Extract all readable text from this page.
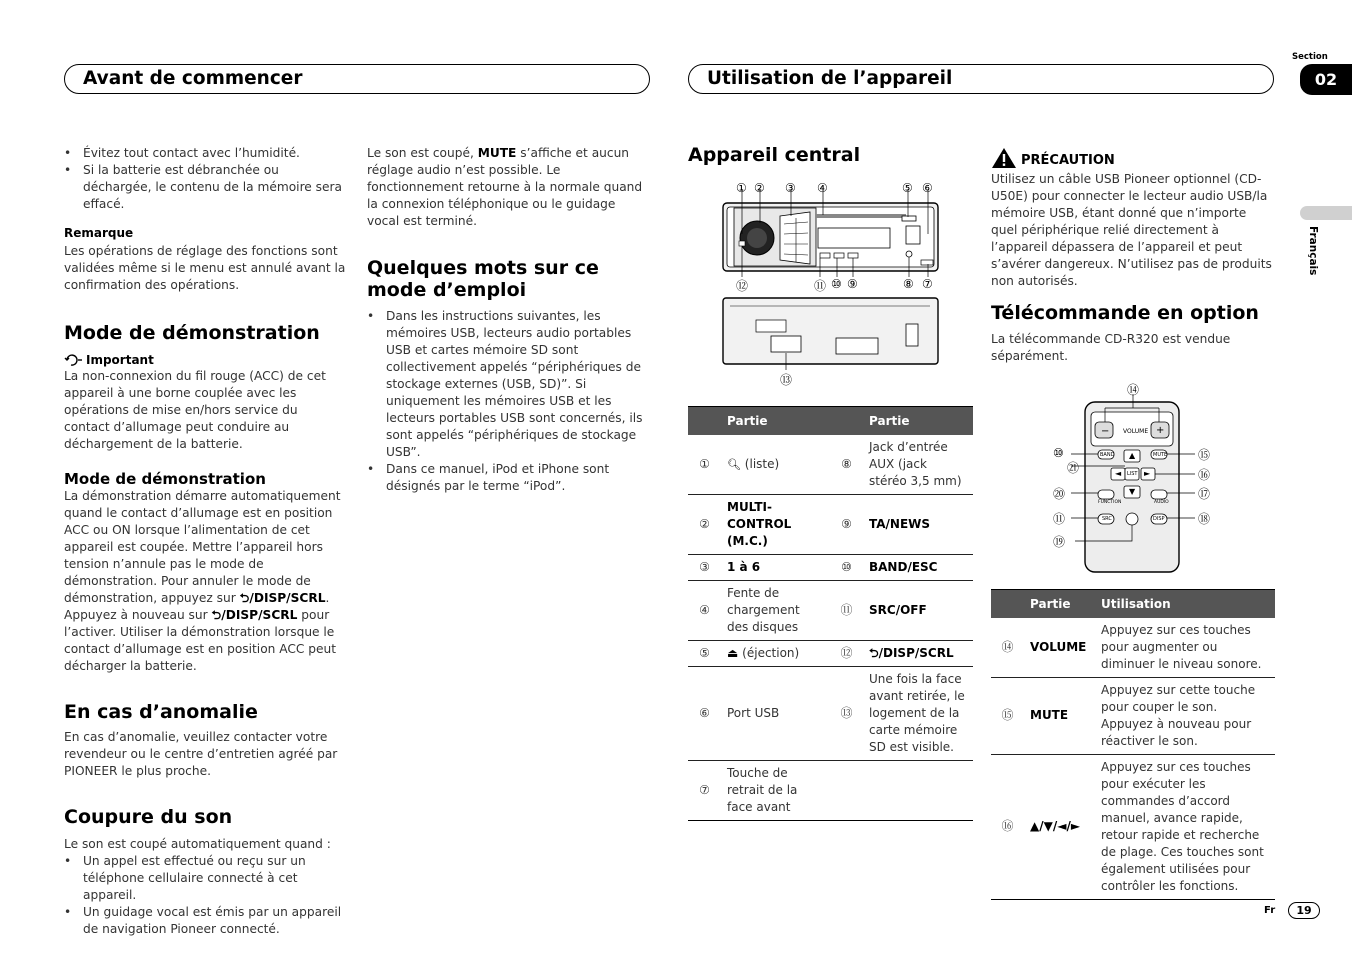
Avant de commencer	Utilisation de l’appareil
Section
02
Français
• Évitez tout contact avec l’humidité.
• Si la batterie est débranchée ou déchargée, le contenu de la mémoire sera effacé.
Remarque
Les opérations de réglage des fonctions sont validées même si le menu est annulé avant la confirmation des opérations.
Mode de démonstration
Important
La non-connexion du fil rouge (ACC) de cet appareil à une borne couplée avec les opérations de mise en/hors service du contact d’allumage peut conduire au déchargement de la batterie.
Mode de démonstration
La démonstration démarre automatiquement quand le contact d’allumage est en position ACC ou ON lorsque l’alimentation de cet appareil est coupée. Mettre l’appareil hors tension n’annule pas le mode de démonstration. Pour annuler le mode de démonstration, appuyez sur ⮌/DISP/SCRL. Appuyez à nouveau sur ⮌/DISP/SCRL pour l’activer. Utiliser la démonstration lorsque le contact d’allumage est en position ACC peut décharger la batterie.
En cas d’anomalie
En cas d’anomalie, veuillez contacter votre revendeur ou le centre d’entretien agréé par PIONEER le plus proche.
Coupure du son
Le son est coupé automatiquement quand :
• Un appel est effectué ou reçu sur un téléphone cellulaire connecté à cet appareil.
• Un guidage vocal est émis par un appareil de navigation Pioneer connecté.
Le son est coupé, MUTE s’affiche et aucun réglage audio n’est possible. Le fonctionnement retourne à la normale quand la connexion téléphonique ou le guidage vocal est terminé.
Quelques mots sur ce mode d’emploi
• Dans les instructions suivantes, les mémoires USB, lecteurs audio portables USB et cartes mémoire SD sont collectivement appelés “périphériques de stockage externes (USB, SD)”. Si uniquement les mémoires USB et les lecteurs portables USB sont concernés, ils sont appelés “périphériques de stockage USB”.
• Dans ce manuel, iPod et iPhone sont désignés par le terme “iPod”.
Appareil central
① ② ③ ④	⑤ ⑥
⑫	⑪ ⑩ ⑨	⑧ ⑦
⑬
	Partie		Partie
①	🔍︎ (liste)	⑧	Jack d’entrée AUX (jack stéréo 3,5 mm)
②	MULTI-CONTROL (M.C.)	⑨	TA/NEWS
③	1 à 6	⑩	BAND/ESC
④	Fente de chargement des disques	⑪	SRC/OFF
⑤	⏏ (éjection)	⑫	⮌/DISP/SCRL
⑥	Port USB	⑬	Une fois la face avant retirée, le logement de la carte mémoire SD est visible.
⑦	Touche de retrait de la face avant		
PRÉCAUTION
Utilisez un câble USB Pioneer optionnel (CD-U50E) pour connecter le lecteur audio USB/la mémoire USB, étant donné que n’importe quel périphérique relié directement à l’appareil dépassera de l’appareil et peut s’avérer dangereux. N’utilisez pas de produits non autorisés.
Télécommande en option
La télécommande CD-R320 est vendue séparément.
VOLUME
−	+
BAND	MUTE
▲
◄	►
LIST
▼
FUNCTION	AUDIO
SRC	DISP
⑭
⑩
㉑
⑳
⑪
⑲
⑮
⑯
⑰
⑱
	Partie	Utilisation
⑭	VOLUME	Appuyez sur ces touches pour augmenter ou diminuer le niveau sonore.
⑮	MUTE	Appuyez sur cette touche pour couper le son. Appuyez à nouveau pour réactiver le son.
⑯	▲/▼/◄/►	Appuyez sur ces touches pour exécuter les commandes d’accord manuel, avance rapide, retour rapide et recherche de plage. Ces touches sont également utilisées pour contrôler les fonctions.
Fr	19
